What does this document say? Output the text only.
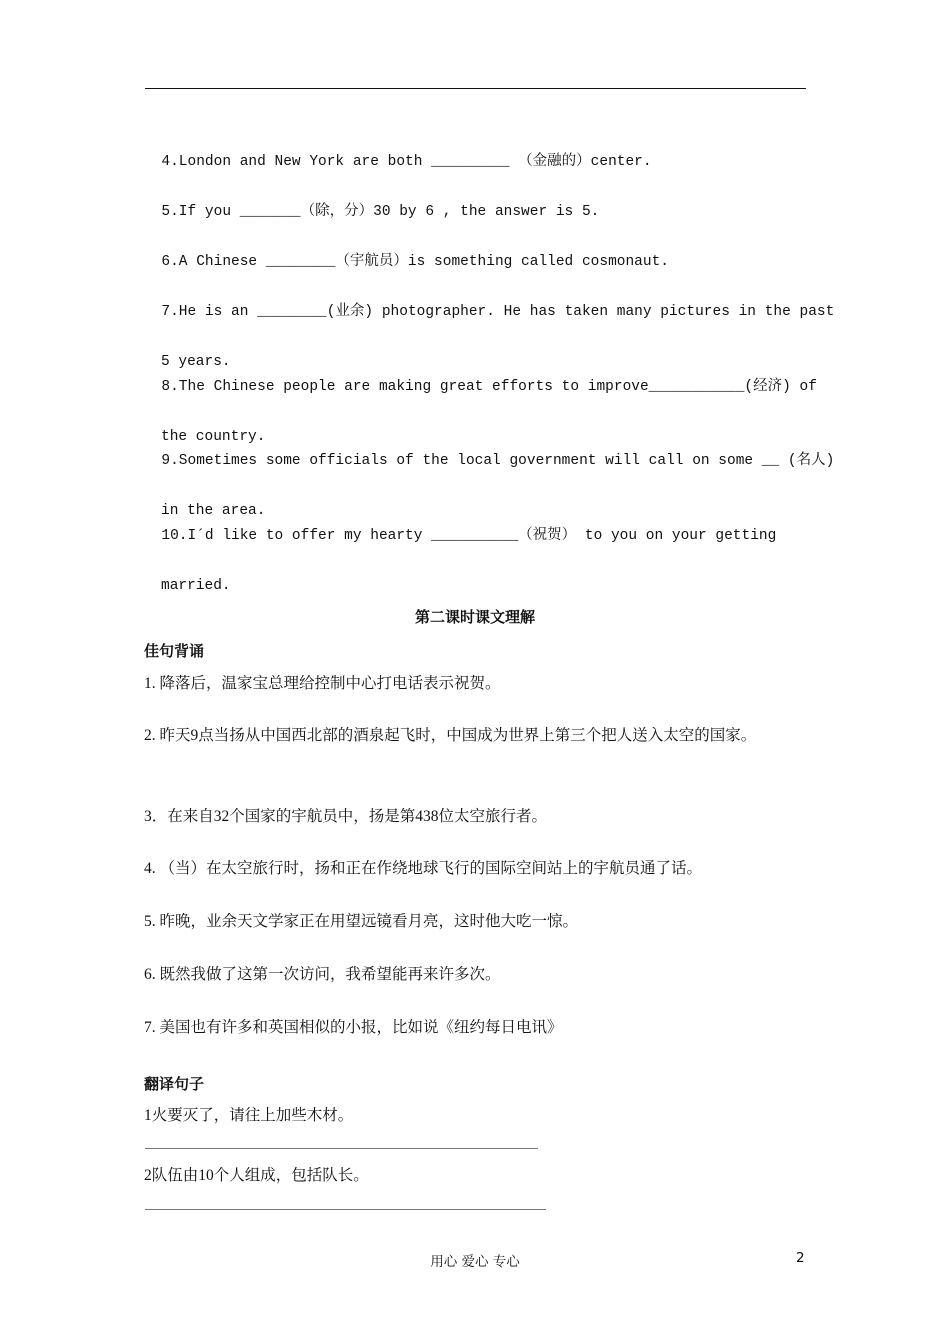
4.London and New York are both _________ （金融的）center.

5.If you _______（除，分）30 by 6 , the answer is 5.

6.A Chinese ________（宇航员）is something called cosmonaut.

7.He is an ________(业余) photographer. He has taken many pictures in the past

5 years.

8.The Chinese people are making great efforts to improve___________(经济) of

the country.

9.Sometimes some officials of the local government will call on some __ (名人)

in the area.

10.I´d like to offer my hearty __________（祝贺） to you on your getting

married.

第二课时课文理解
佳句背诵
1. 降落后，温家宝总理给控制中心打电话表示祝贺。
2. 昨天9点当扬从中国西北部的酒泉起飞时，中国成为世界上第三个把人送入太空的国家。
3．在来自32个国家的宇航员中，扬是第438位太空旅行者。
4. （当）在太空旅行时，扬和正在作绕地球飞行的国际空间站上的宇航员通了话。
5. 昨晚，业余天文学家正在用望远镜看月亮，这时他大吃一惊。
6. 既然我做了这第一次访问，我希望能再来许多次。
7. 美国也有许多和英国相似的小报，比如说《纽约每日电讯》
翻译句子
1火要灭了，请往上加些木材。
2队伍由10个人组成，包括队长。
用心 爱心 专心	2
